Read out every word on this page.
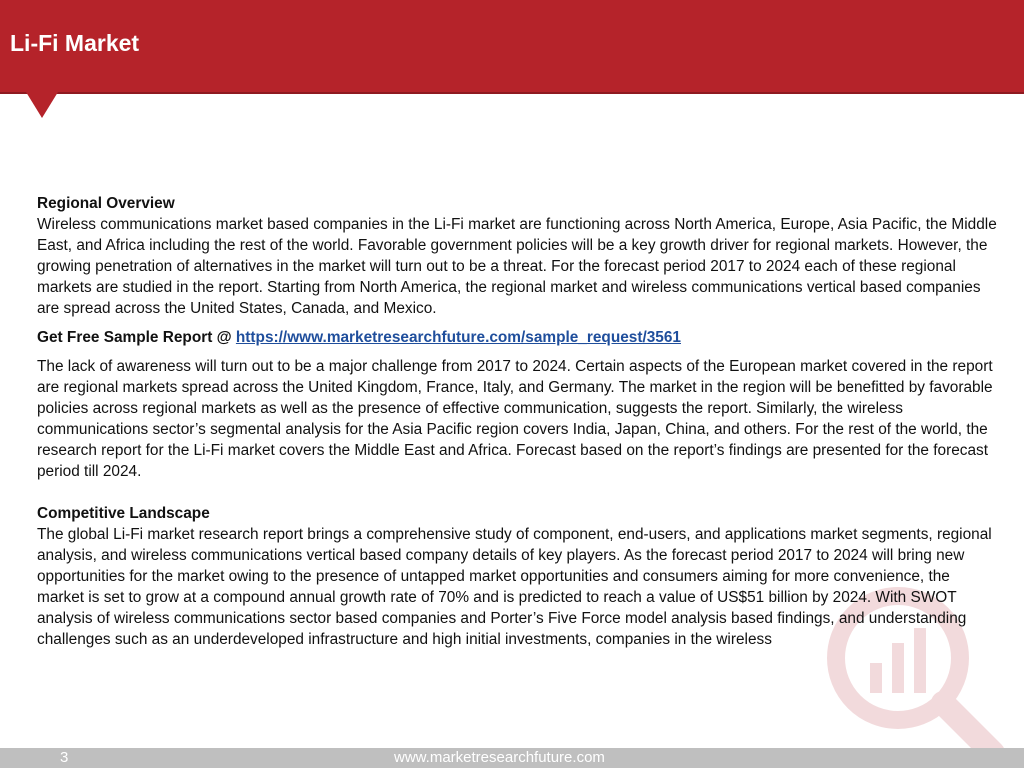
Li-Fi Market

Regional Overview

Wireless communications market based companies in the Li-Fi market are functioning across North America, Europe, Asia Pacific, the Middle East, and Africa including the rest of the world. Favorable government policies will be a key growth driver for regional markets. However, the growing penetration of alternatives in the market will turn out to be a threat. For the forecast period 2017 to 2024 each of these regional markets are studied in the report. Starting from North America, the regional market and wireless communications vertical based companies are spread across the United States, Canada, and Mexico.

Get Free Sample Report @ https://www.marketresearchfuture.com/sample_request/3561

The lack of awareness will turn out to be a major challenge from 2017 to 2024. Certain aspects of the European market covered in the report are regional markets spread across the United Kingdom, France, Italy, and Germany. The market in the region will be benefitted by favorable policies across regional markets as well as the presence of effective communication, suggests the report. Similarly, the wireless communications sector’s segmental analysis for the Asia Pacific region covers India, Japan, China, and others. For the rest of the world, the research report for the Li-Fi market covers the Middle East and Africa. Forecast based on the report’s findings are presented for the forecast period till 2024.

Competitive Landscape

The global Li-Fi market research report brings a comprehensive study of component, end-users, and applications market segments, regional analysis, and wireless communications vertical based company details of key players. As the forecast period 2017 to 2024 will bring new opportunities for the market owing to the presence of untapped market opportunities and consumers aiming for more convenience, the market is set to grow at a compound annual growth rate of 70% and is predicted to reach a value of US$51 billion by 2024. With SWOT analysis of wireless communications sector based companies and Porter’s Five Force model analysis based findings, and understanding challenges such as an underdeveloped infrastructure and high initial investments, companies in the wireless

3	www.marketresearchfuture.com
